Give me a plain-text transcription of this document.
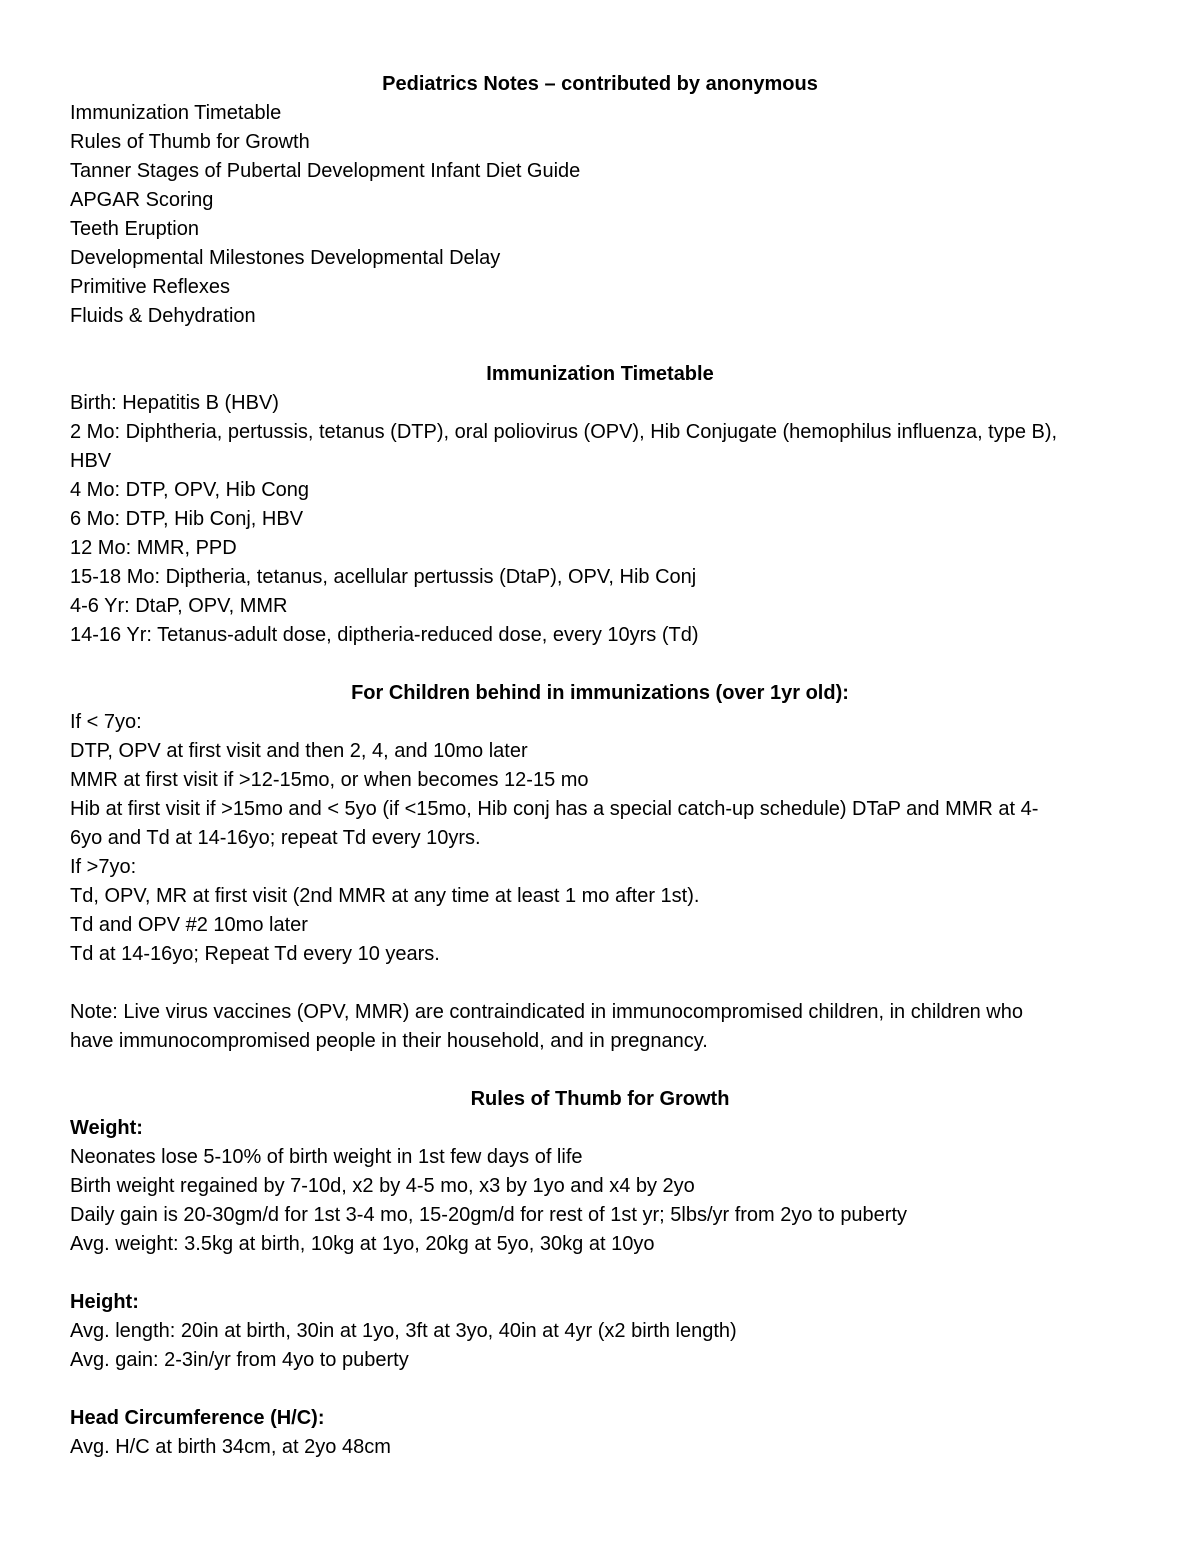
Pediatrics Notes – contributed by anonymous
Immunization Timetable
Rules of Thumb for Growth
Tanner Stages of Pubertal Development Infant Diet Guide
APGAR Scoring
Teeth Eruption
Developmental Milestones Developmental Delay
Primitive Reflexes
Fluids & Dehydration
Immunization Timetable
Birth: Hepatitis B (HBV)
2 Mo: Diphtheria, pertussis, tetanus (DTP), oral poliovirus (OPV), Hib Conjugate (hemophilus influenza, type B),
HBV
4 Mo: DTP, OPV, Hib Cong
6 Mo: DTP, Hib Conj, HBV
12 Mo: MMR, PPD
15-18 Mo: Diptheria, tetanus, acellular pertussis (DtaP), OPV, Hib Conj
4-6 Yr: DtaP, OPV, MMR
14-16 Yr: Tetanus-adult dose, diptheria-reduced dose, every 10yrs (Td)
For Children behind in immunizations (over 1yr old):
If < 7yo:
DTP, OPV at first visit and then 2, 4, and 10mo later
MMR at first visit if >12-15mo, or when becomes 12-15 mo
Hib at first visit if >15mo and < 5yo (if <15mo, Hib conj has a special catch-up schedule) DTaP and MMR at 4-
6yo and Td at 14-16yo; repeat Td every 10yrs.
If >7yo:
Td, OPV, MR at first visit (2nd MMR at any time at least 1 mo after 1st).
Td and OPV #2 10mo later
Td at 14-16yo; Repeat Td every 10 years.
Note: Live virus vaccines (OPV, MMR) are contraindicated in immunocompromised children, in children who
have immunocompromised people in their household, and in pregnancy.
Rules of Thumb for Growth
Weight:
Neonates lose 5-10% of birth weight in 1st few days of life
Birth weight regained by 7-10d, x2 by 4-5 mo, x3 by 1yo and x4 by 2yo
Daily gain is 20-30gm/d for 1st 3-4 mo, 15-20gm/d for rest of 1st yr; 5lbs/yr from 2yo to puberty
Avg. weight: 3.5kg at birth, 10kg at 1yo, 20kg at 5yo, 30kg at 10yo
Height:
Avg. length: 20in at birth, 30in at 1yo, 3ft at 3yo, 40in at 4yr (x2 birth length)
Avg. gain: 2-3in/yr from 4yo to puberty
Head Circumference (H/C):
Avg. H/C at birth 34cm, at 2yo 48cm
